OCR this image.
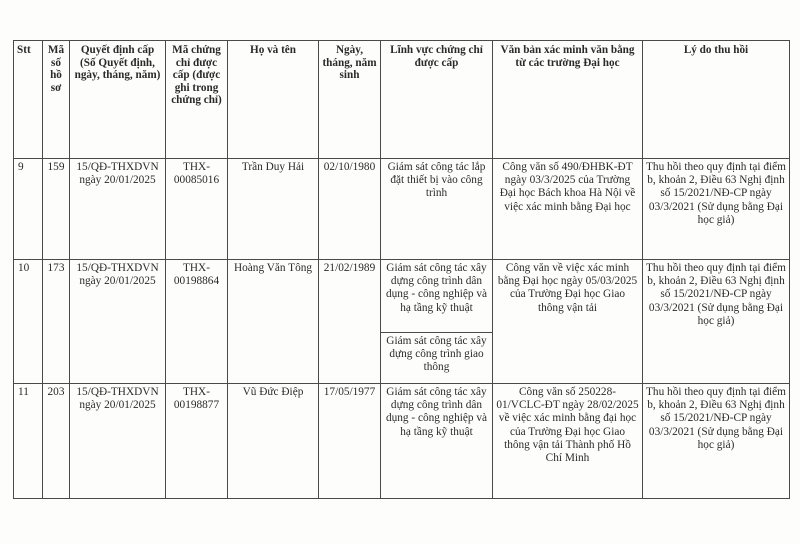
Stt	Mã số hồ sơ	Quyết định cấp (Số Quyết định, ngày, tháng, năm)	Mã chứng chỉ được cấp (được ghi trong chứng chỉ)	Họ và tên	Ngày, tháng, năm sinh	Lĩnh vực chứng chỉ được cấp	Văn bản xác minh văn bằng từ các trường Đại học	Lý do thu hồi
9	159	15/QĐ-THXDVN ngày 20/01/2025	THX-00085016	Trần Duy Hải	02/10/1980	Giám sát công tác lắp đặt thiết bị vào công trình	Công văn số 490/ĐHBK-ĐT ngày 03/3/2025 của Trường Đại học Bách khoa Hà Nội về việc xác minh bằng Đại học	Thu hồi theo quy định tại điểm b, khoản 2, Điều 63 Nghị định số 15/2021/NĐ-CP ngày 03/3/2021 (Sử dụng bằng Đại học giả)
10	173	15/QĐ-THXDVN ngày 20/01/2025	THX-00198864	Hoàng Văn Tông	21/02/1989	Giám sát công tác xây dựng công trình dân dụng - công nghiệp và hạ tầng kỹ thuật	Công văn về việc xác minh bằng Đại học ngày 05/03/2025 của Trường Đại học Giao thông vận tải	Thu hồi theo quy định tại điểm b, khoản 2, Điều 63 Nghị định số 15/2021/NĐ-CP ngày 03/3/2021 (Sử dụng bằng Đại học giả)
						Giám sát công tác xây dựng công trình giao thông		
11	203	15/QĐ-THXDVN ngày 20/01/2025	THX-00198877	Vũ Đức Điệp	17/05/1977	Giám sát công tác xây dựng công trình dân dụng - công nghiệp và hạ tầng kỹ thuật	Công văn số 250228-01/VCLC-ĐT ngày 28/02/2025 về việc xác minh bằng đại học của Trường Đại học Giao thông vận tải Thành phố Hồ Chí Minh	Thu hồi theo quy định tại điểm b, khoản 2, Điều 63 Nghị định số 15/2021/NĐ-CP ngày 03/3/2021 (Sử dụng bằng Đại học giả)
